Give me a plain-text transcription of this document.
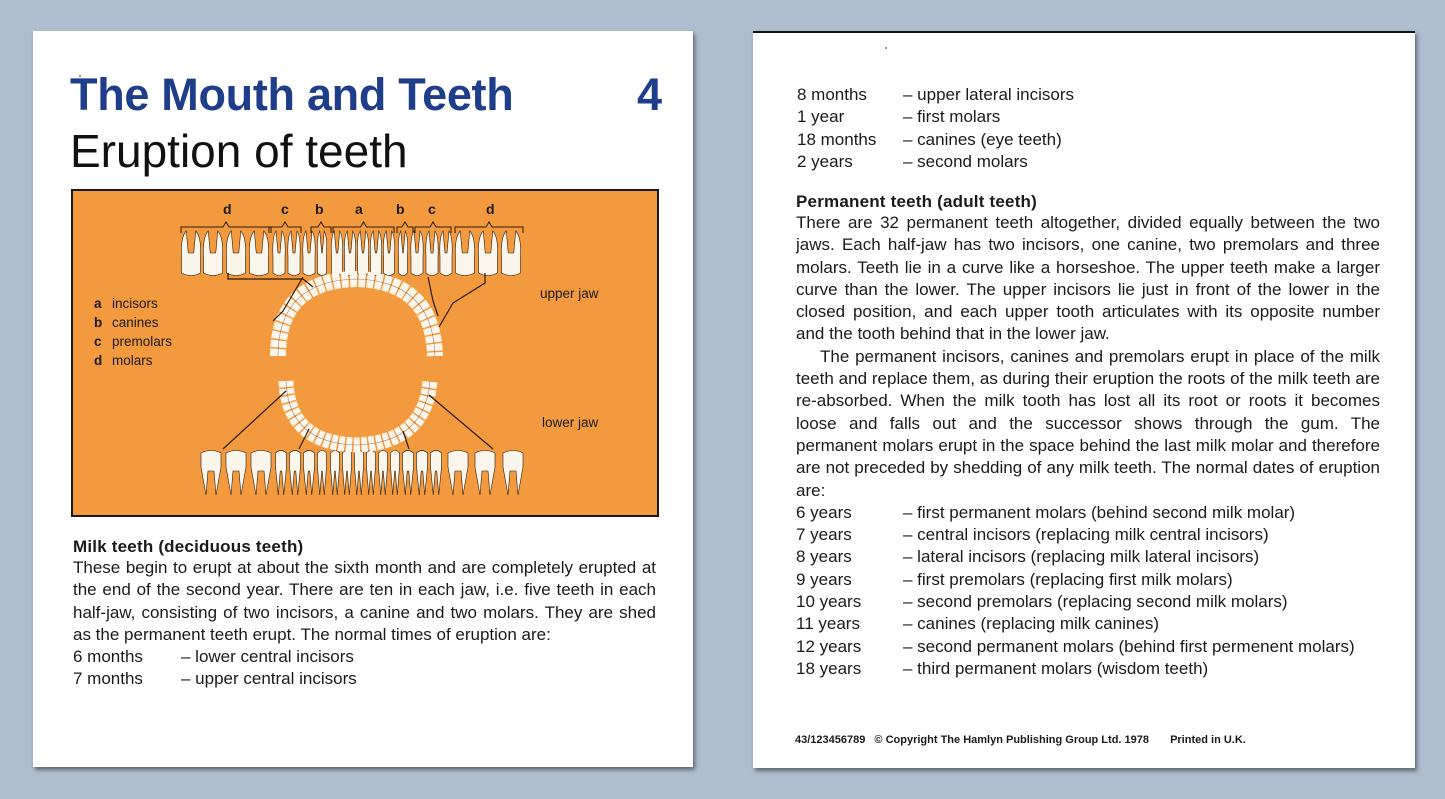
The Mouth and Teeth	4
Eruption of teeth
d	c b a b c	d
a incisors
b canines
c premolars
d molars
upper jaw
lower jaw
Milk teeth (deciduous teeth)
These begin to erupt at about the sixth month and are completely erupted at the end of the second year. There are ten in each jaw, i.e. five teeth in each half-jaw, consisting of two incisors, a canine and two molars. They are shed as the permanent teeth erupt. The normal times of eruption are:
6 months	– lower central incisors
7 months	– upper central incisors
8 months	– upper lateral incisors
1 year	– first molars
18 months	– canines (eye teeth)
2 years	– second molars
Permanent teeth (adult teeth)
There are 32 permanent teeth altogether, divided equally between the two jaws. Each half-jaw has two incisors, one canine, two premolars and three molars. Teeth lie in a curve like a horseshoe. The upper teeth make a larger curve than the lower. The upper incisors lie just in front of the lower in the closed position, and each upper tooth articulates with its opposite number and the tooth behind that in the lower jaw.
The permanent incisors, canines and premolars erupt in place of the milk teeth and replace them, as during their eruption the roots of the milk teeth are re-absorbed. When the milk tooth has lost all its root or roots it becomes loose and falls out and the successor shows through the gum. The permanent molars erupt in the space behind the last milk molar and therefore are not preceded by shedding of any milk teeth. The normal dates of eruption are:
6 years	– first permanent molars (behind second milk molar)
7 years	– central incisors (replacing milk central incisors)
8 years	– lateral incisors (replacing milk lateral incisors)
9 years	– first premolars (replacing first milk molars)
10 years	– second premolars (replacing second milk molars)
11 years	– canines (replacing milk canines)
12 years	– second permanent molars (behind first permenent molars)
18 years	– third permanent molars (wisdom teeth)
43/123456789 © Copyright The Hamlyn Publishing Group Ltd. 1978 Printed in U.K.
